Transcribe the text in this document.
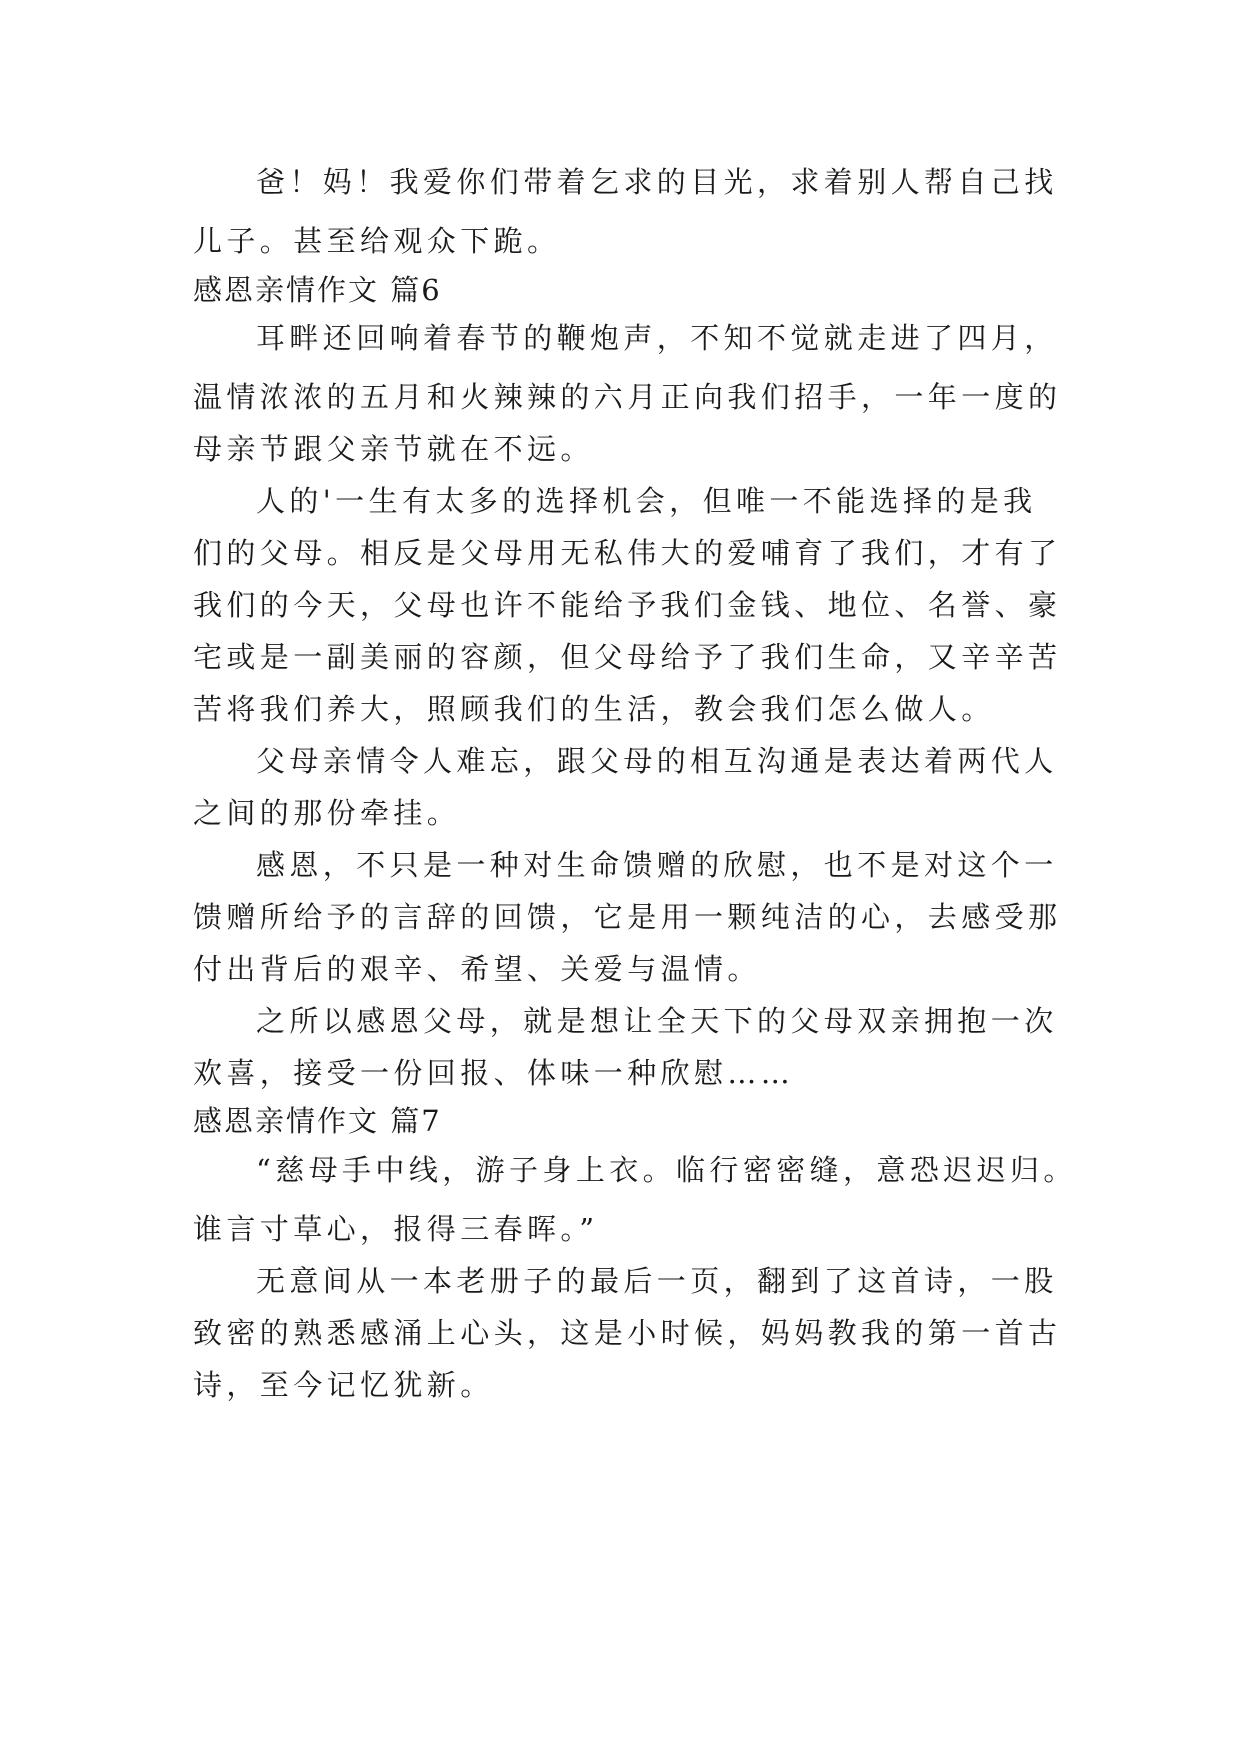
爸！妈！我爱你们带着乞求的目光，求着别人帮自己找
儿子。甚至给观众下跪。
感恩亲情作文 篇6
耳畔还回响着春节的鞭炮声，不知不觉就走进了四月，
温情浓浓的五月和火辣辣的六月正向我们招手，一年一度的
母亲节跟父亲节就在不远。
人的'一生有太多的选择机会，但唯一不能选择的是我
们的父母。相反是父母用无私伟大的爱哺育了我们，才有了
我们的今天，父母也许不能给予我们金钱、地位、名誉、豪
宅或是一副美丽的容颜，但父母给予了我们生命，又辛辛苦
苦将我们养大，照顾我们的生活，教会我们怎么做人。
父母亲情令人难忘，跟父母的相互沟通是表达着两代人
之间的那份牵挂。
感恩，不只是一种对生命馈赠的欣慰，也不是对这个一
馈赠所给予的言辞的回馈，它是用一颗纯洁的心，去感受那
付出背后的艰辛、希望、关爱与温情。
之所以感恩父母，就是想让全天下的父母双亲拥抱一次
欢喜，接受一份回报、体味一种欣慰……
感恩亲情作文 篇7
“慈母手中线，游子身上衣。临行密密缝，意恐迟迟归。
谁言寸草心，报得三春晖。”
无意间从一本老册子的最后一页，翻到了这首诗，一股
致密的熟悉感涌上心头，这是小时候，妈妈教我的第一首古
诗，至今记忆犹新。
